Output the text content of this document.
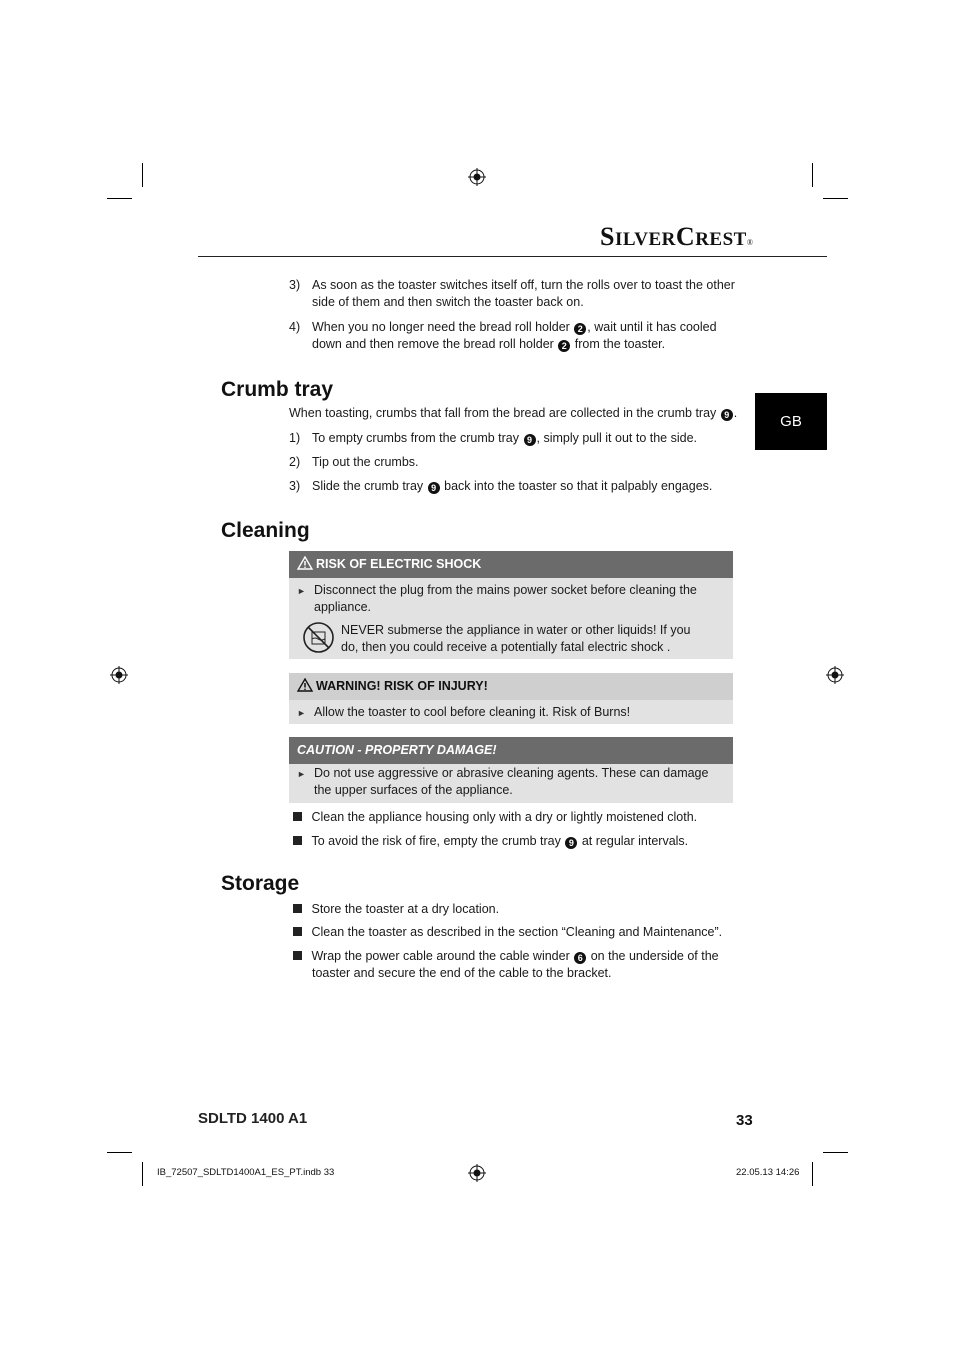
SILVERCREST®
GB
3) As soon as the toaster switches itself off, turn the rolls over to toast the other
side of them and then switch the toaster back on.
4) When you no longer need the bread roll holder 2 , wait until it has cooled
down and then remove the bread roll holder 2 from the toaster.
Crumb tray
When toasting, crumbs that fall from the bread are collected in the crumb tray 9 .
1) To empty crumbs from the crumb tray 9 , simply pull it out to the side.
2) Tip out the crumbs.
3) Slide the crumb tray 9 back into the toaster so that it palpably engages.
Cleaning
RISK OF ELECTRIC SHOCK
► Disconnect the plug from the mains power socket before cleaning the
appliance.
NEVER submerse the appliance in water or other liquids! If you
do, then you could receive a potentially fatal electric shock .
WARNING! RISK OF INJURY!
► Allow the toaster to cool before cleaning it. Risk of Burns!
CAUTION - PROPERTY DAMAGE!
► Do not use aggressive or abrasive cleaning agents. These can damage
the upper surfaces of the appliance.
Clean the appliance housing only with a dry or lightly moistened cloth.
To avoid the risk of fire, empty the crumb tray 9 at regular intervals.
Storage
Store the toaster at a dry location.
Clean the toaster as described in the section “Cleaning and Maintenance”.
Wrap the power cable around the cable winder 6 on the underside of the
toaster and secure the end of the cable to the bracket.
SDLTD 1400 A1	33
IB_72507_SDLTD1400A1_ES_PT.indb 33	22.05.13 14:26
